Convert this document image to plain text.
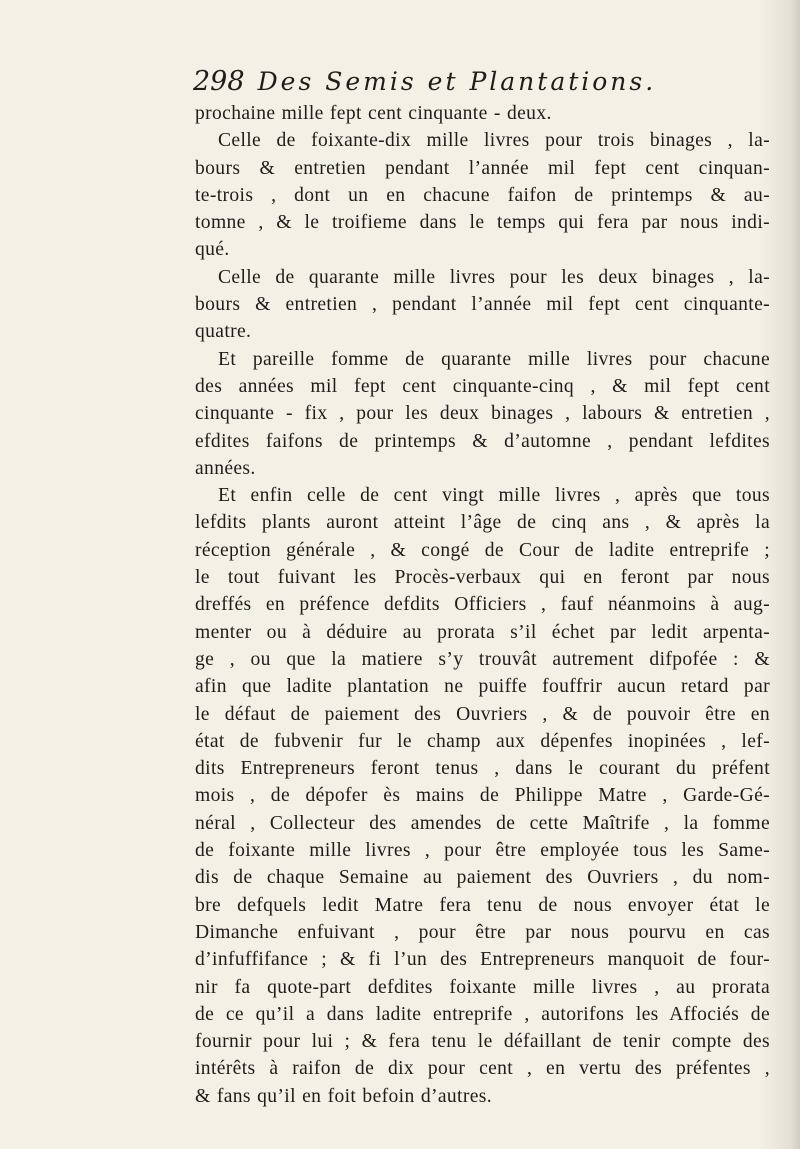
298 Des Semis et Plantations.
prochaine mille fept cent cinquante - deux.
Celle de foixante-dix mille livres pour trois binages , la-
bours & entretien pendant l’année mil fept cent cinquan-
te-trois , dont un en chacune faifon de printemps & au-
tomne , & le troifieme dans le temps qui fera par nous indi-
qué.
Celle de quarante mille livres pour les deux binages , la-
bours & entretien , pendant l’année mil fept cent cinquante-
quatre.
Et pareille fomme de quarante mille livres pour chacune
des années mil fept cent cinquante-cinq , & mil fept cent
cinquante - fix , pour les deux binages , labours & entretien ,
efdites faifons de printemps & d’automne , pendant lefdites
années.
Et enfin celle de cent vingt mille livres , après que tous
lefdits plants auront atteint l’âge de cinq ans , & après la
réception générale , & congé de Cour de ladite entreprife ;
le tout fuivant les Procès-verbaux qui en feront par nous
dreffés en préfence defdits Officiers , fauf néanmoins à aug-
menter ou à déduire au prorata s’il échet par ledit arpenta-
ge , ou que la matiere s’y trouvât autrement difpofée : &
afin que ladite plantation ne puiffe fouffrir aucun retard par
le défaut de paiement des Ouvriers , & de pouvoir être en
état de fubvenir fur le champ aux dépenfes inopinées , lef-
dits Entrepreneurs feront tenus , dans le courant du préfent
mois , de dépofer ès mains de Philippe Matre , Garde-Gé-
néral , Collecteur des amendes de cette Maîtrife , la fomme
de foixante mille livres , pour être employée tous les Same-
dis de chaque Semaine au paiement des Ouvriers , du nom-
bre defquels ledit Matre fera tenu de nous envoyer état le
Dimanche enfuivant , pour être par nous pourvu en cas
d’infuffifance ; & fi l’un des Entrepreneurs manquoit de four-
nir fa quote-part defdites foixante mille livres , au prorata
de ce qu’il a dans ladite entreprife , autorifons les Affociés de
fournir pour lui ; & fera tenu le défaillant de tenir compte des
intérêts à raifon de dix pour cent , en vertu des préfentes ,
& fans qu’il en foit befoin d’autres.
